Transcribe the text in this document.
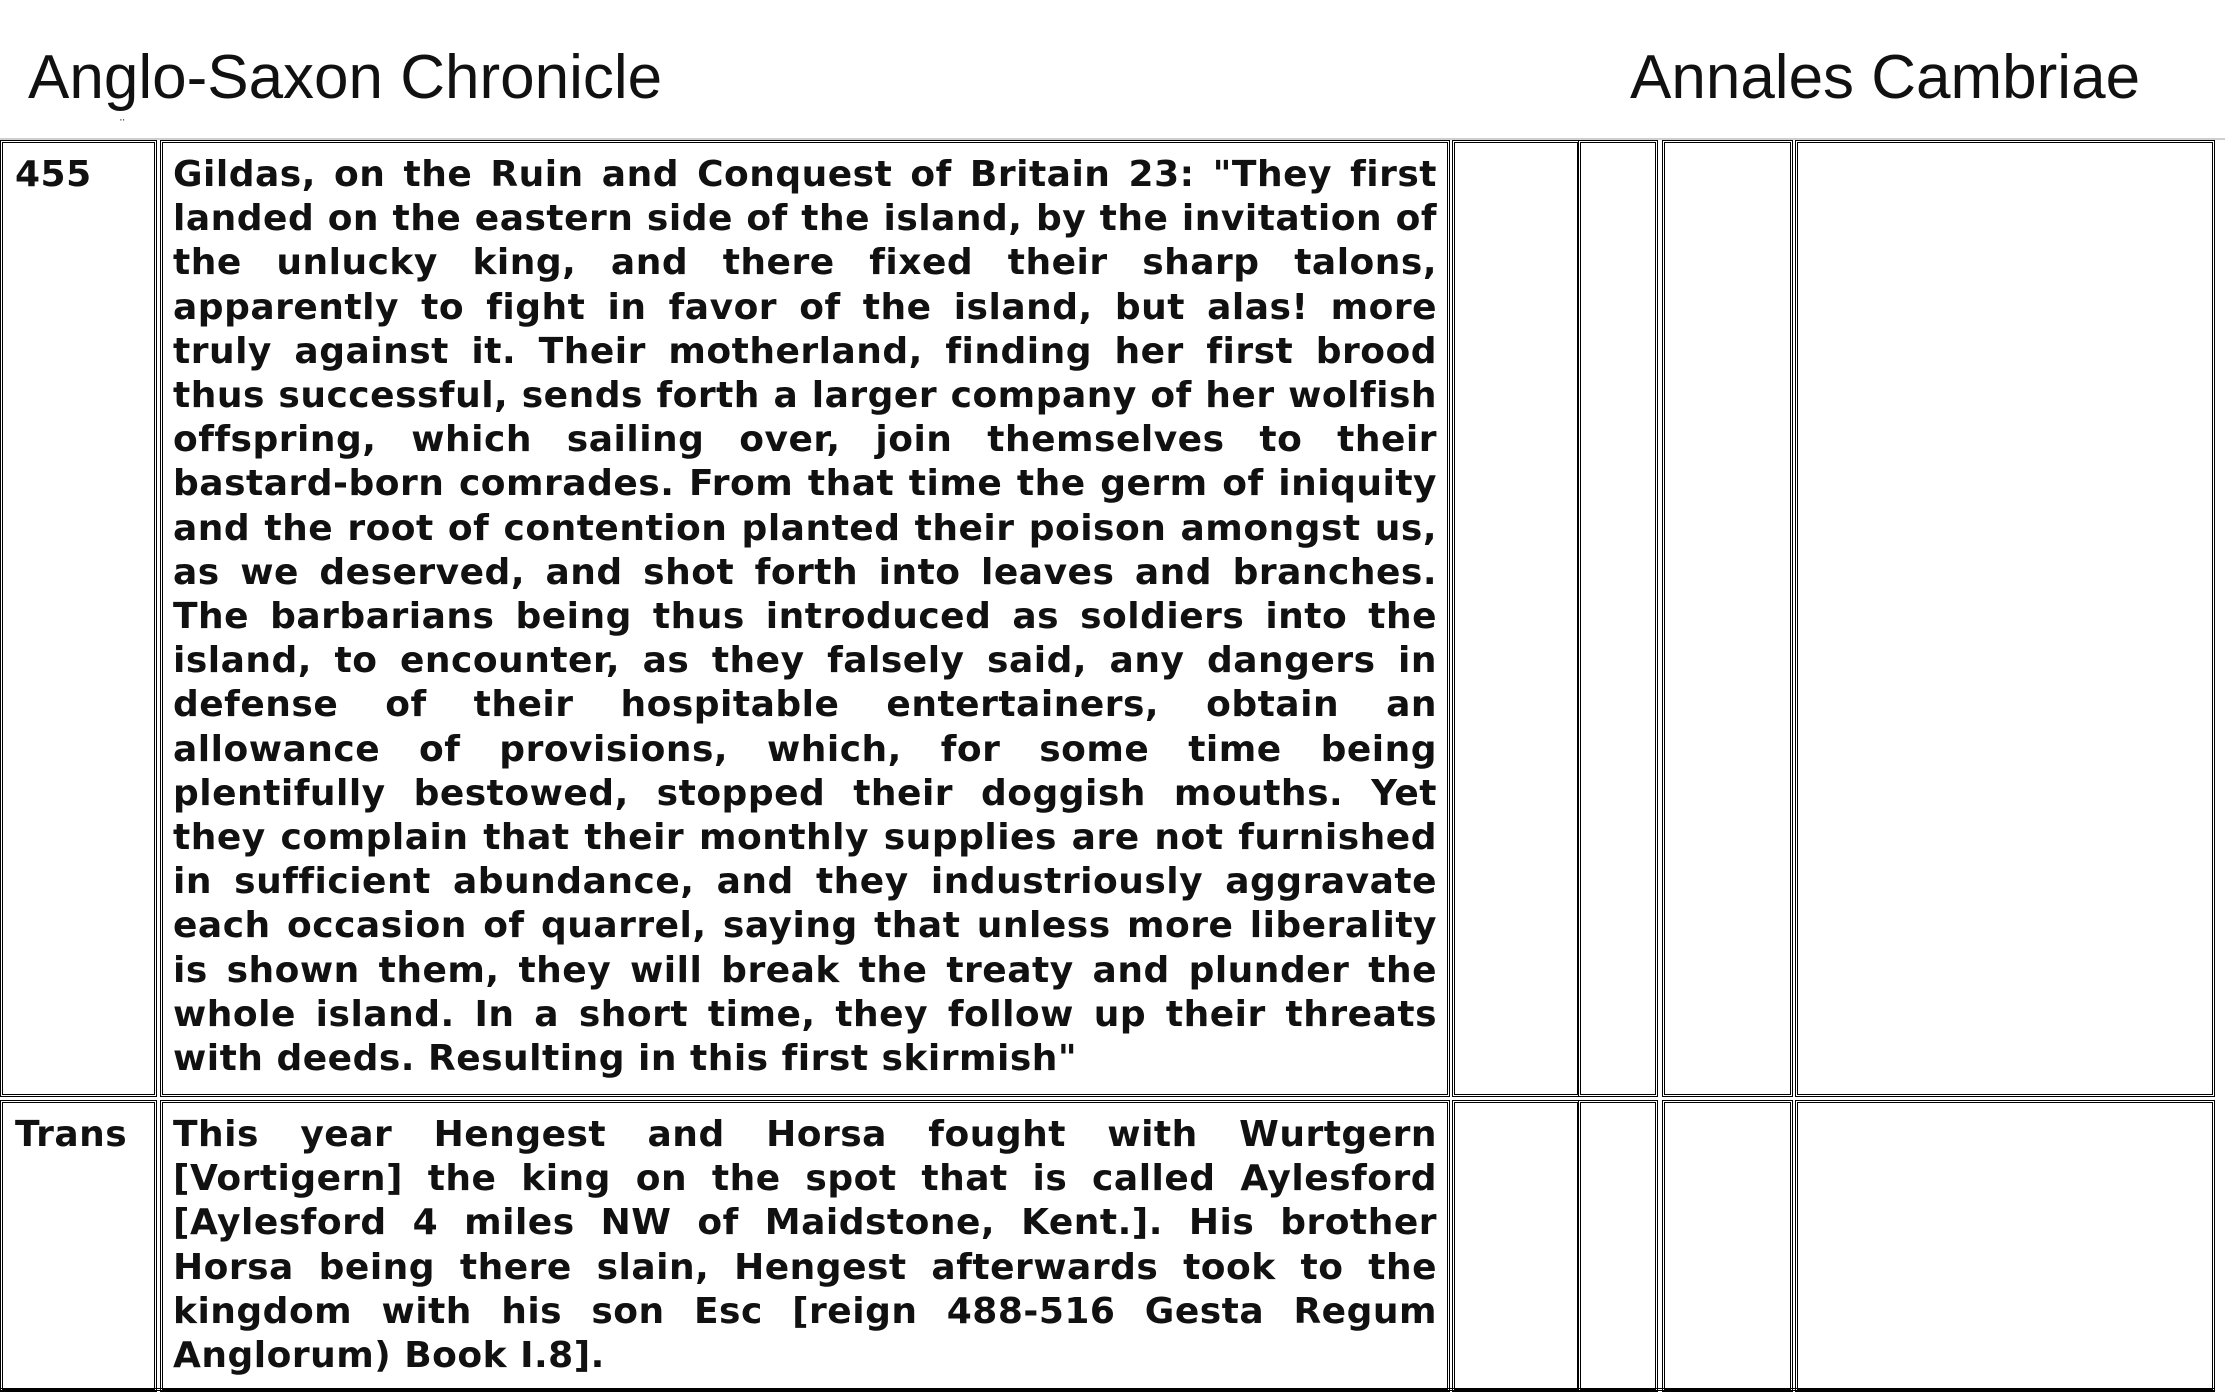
Anglo-Saxon Chronicle	Annales Cambriae
¨
455	Gildas, on the Ruin and Conquest of Britain 23: "They first landed on the eastern side of the island, by the invitation of the unlucky king, and there fixed their sharp talons, apparently to fight in favor of the island, but alas! more truly against it. Their motherland, finding her first brood thus successful, sends forth a larger company of her wolfish offspring, which sailing over, join themselves to their bastard-born comrades. From that time the germ of iniquity and the root of contention planted their poison amongst us, as we deserved, and shot forth into leaves and branches. The barbarians being thus introduced as soldiers into the island, to encounter, as they falsely said, any dangers in defense of their hospitable entertainers, obtain an allowance of provisions, which, for some time being plentifully bestowed, stopped their doggish mouths. Yet they complain that their monthly supplies are not furnished in sufficient abundance, and they industriously aggravate each occasion of quarrel, saying that unless more liberality is shown them, they will break the treaty and plunder the whole island. In a short time, they follow up their threats with deeds. Resulting in this first skirmish"
Trans	This year Hengest and Horsa fought with Wurtgern [Vortigern] the king on the spot that is called Aylesford [Aylesford 4 miles NW of Maidstone, Kent.]. His brother Horsa being there slain, Hengest afterwards took to the kingdom with his son Esc [reign 488-516 Gesta Regum Anglorum) Book I.8].
